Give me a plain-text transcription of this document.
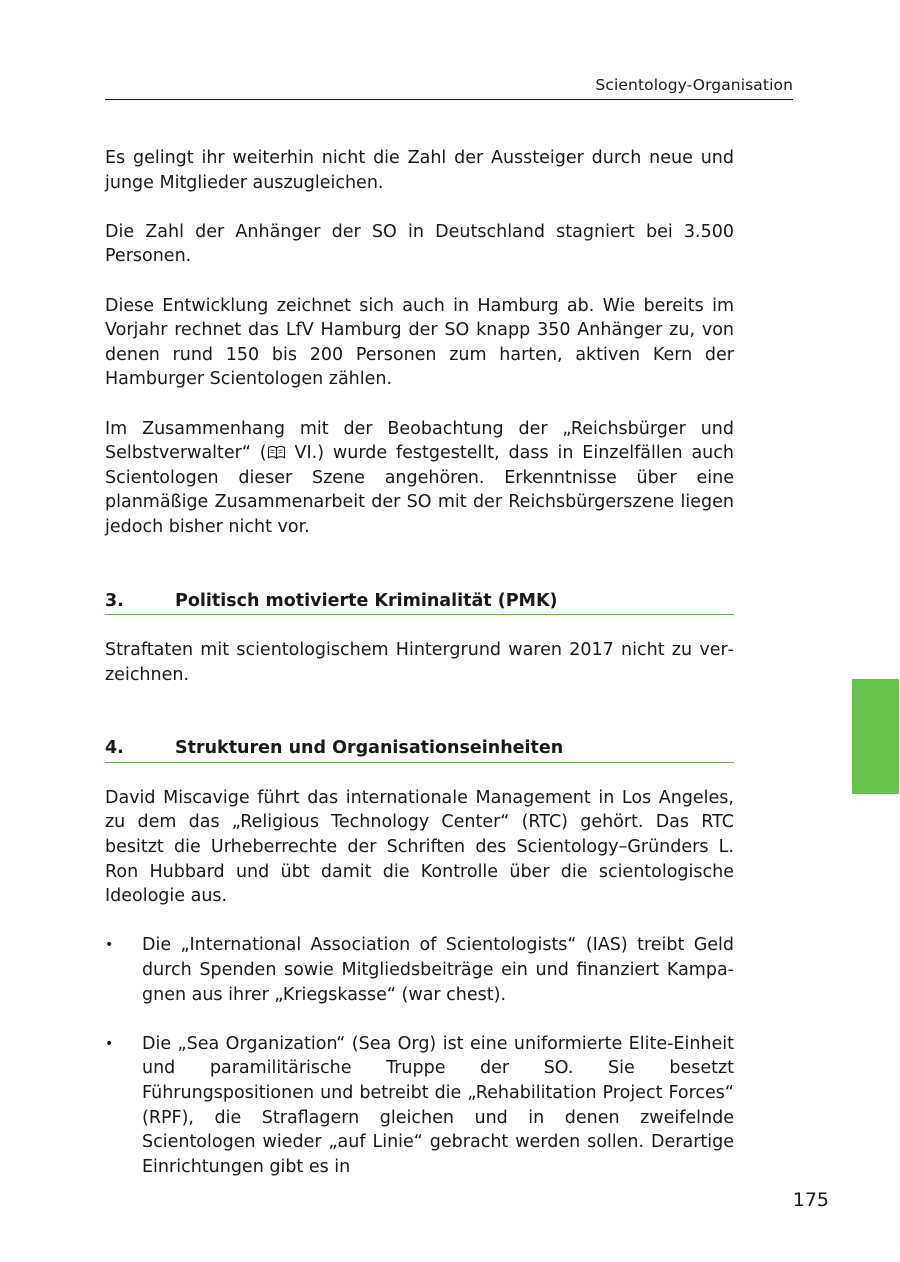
Scientology-Organisation

Es gelingt ihr weiterhin nicht die Zahl der Aussteiger durch neue und junge Mitglieder auszugleichen.

Die Zahl der Anhänger der SO in Deutschland stagniert bei 3.500 Personen.

Diese Entwicklung zeichnet sich auch in Hamburg ab. Wie bereits im Vorjahr rechnet das LfV Hamburg der SO knapp 350 Anhänger zu, von denen rund 150 bis 200 Personen zum harten, aktiven Kern der Hamburger Scientologen zählen.

Im Zusammenhang mit der Beobachtung der „Reichsbürger und Selbstverwalter“ ( VI.) wurde festgestellt, dass in Einzelfällen auch Scientologen dieser Szene angehören. Erkenntnisse über eine planmäßige Zusammenarbeit der SO mit der Reichsbürgerszene liegen jedoch bisher nicht vor.

3.	Politisch motivierte Kriminalität (PMK)

Straftaten mit scientologischem Hintergrund waren 2017 nicht zu verzeichnen.

4.	Strukturen und Organisationseinheiten

David Miscavige führt das internationale Management in Los Angeles, zu dem das „Religious Technology Center“ (RTC) gehört. Das RTC besitzt die Urheberrechte der Schriften des Scientology–Gründers L. Ron Hubbard und übt damit die Kontrolle über die scientologische Ideologie aus.

• Die „International Association of Scientologists“ (IAS) treibt Geld durch Spenden sowie Mitgliedsbeiträge ein und finanziert Kampagnen aus ihrer „Kriegskasse“ (war chest).
• Die „Sea Organization“ (Sea Org) ist eine uniformierte Elite-Einheit und paramilitärische Truppe der SO. Sie besetzt Führungspositionen und betreibt die „Rehabilitation Project Forces“ (RPF), die Straflagern gleichen und in denen zweifelnde Scientologen wieder „auf Linie“ gebracht werden sollen. Derartige Einrichtungen gibt es in
175
